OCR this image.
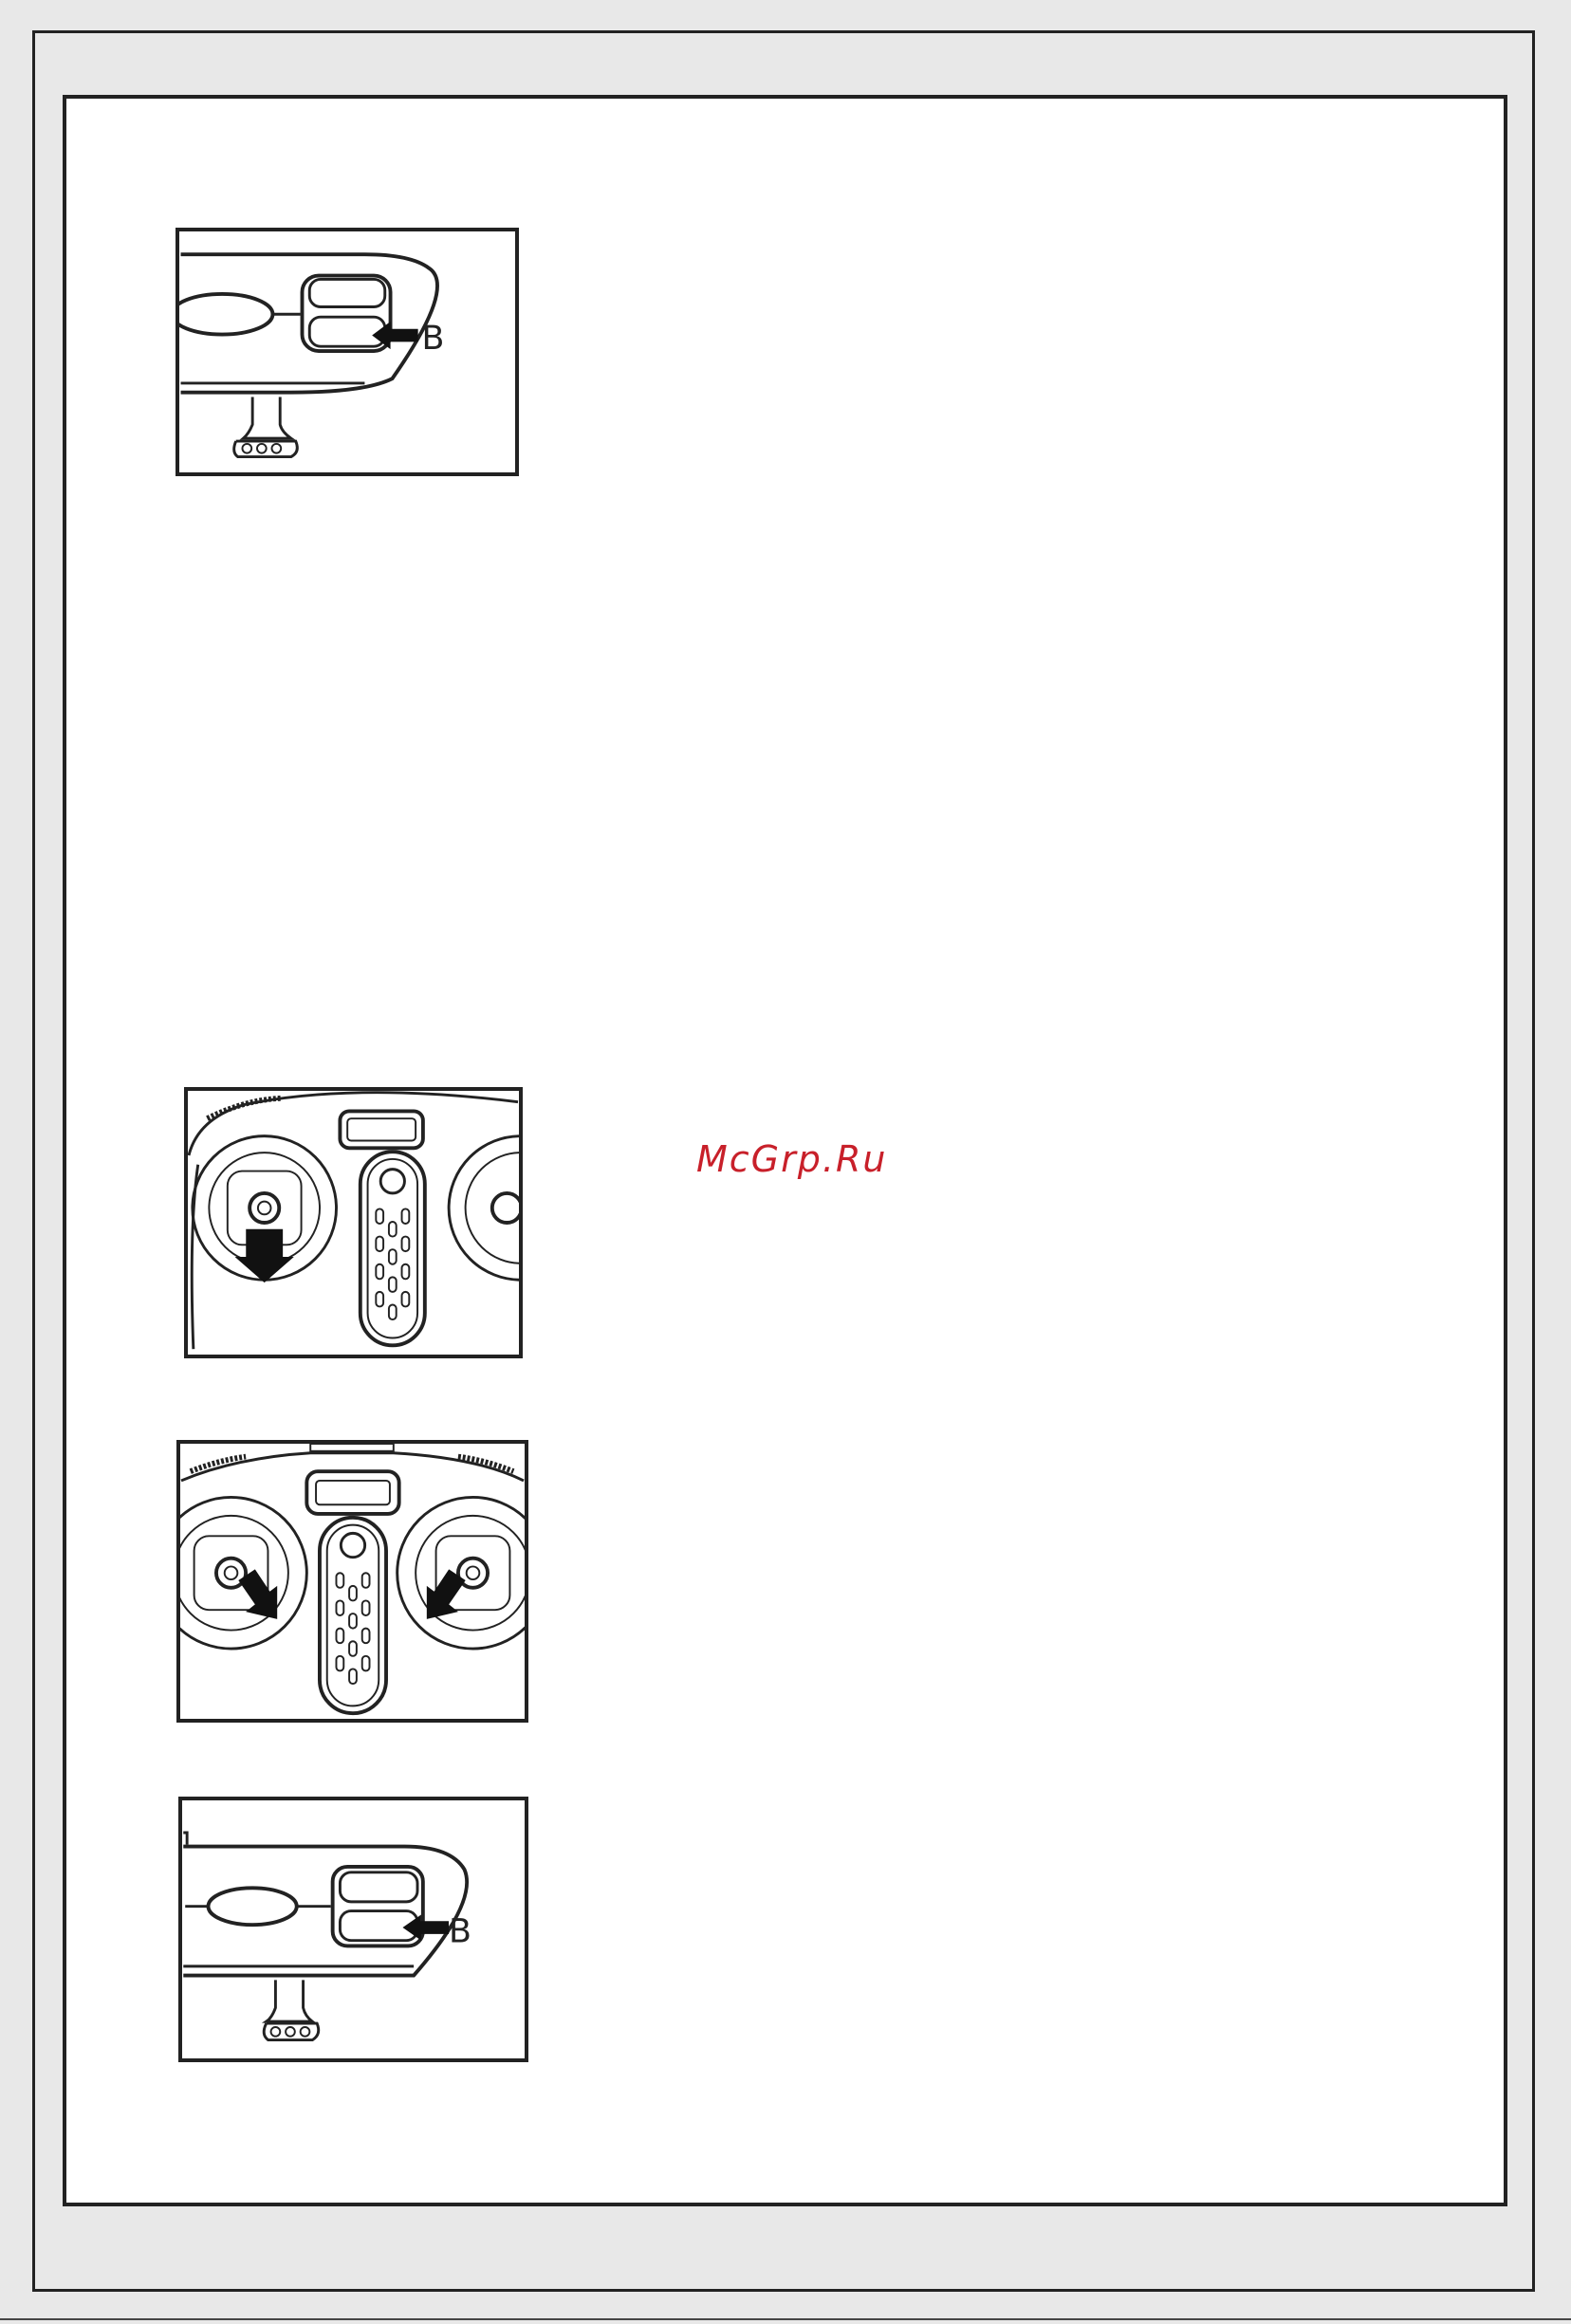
B
B
McGrp.Ru
